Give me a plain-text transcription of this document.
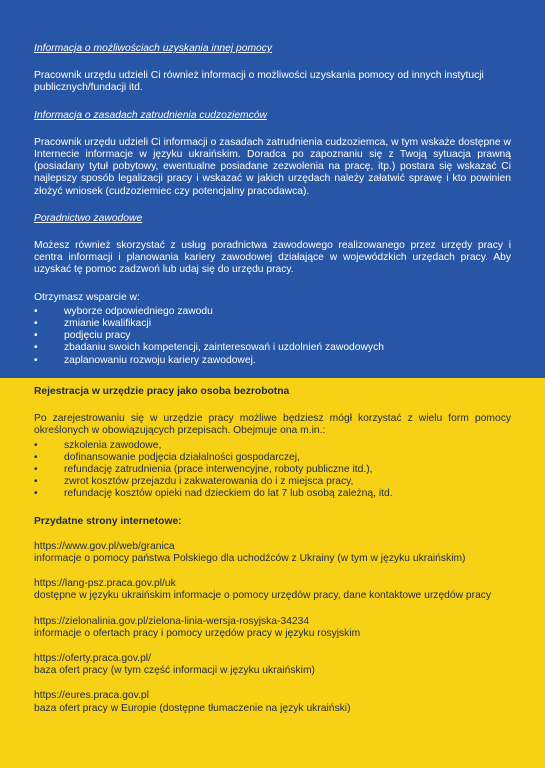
Informacja o możliwościach uzyskania innej pomocy

Pracownik urzędu udzieli Ci również informacji o możliwości uzyskania pomocy od innych instytucji publicznych/fundacji itd.

Informacja o zasadach zatrudnienia cudzoziemców

Pracownik urzędu udzieli Ci informacji o zasadach zatrudnienia cudzoziemca, w tym wskaże dostępne w Internecie informacje w języku ukraińskim. Doradca po zapoznaniu się z Twoją sytuacja prawną (posiadany tytuł pobytowy, ewentualne posiadane zezwolenia na pracę, itp.) postara się wskazać Ci najlepszy sposób legalizacji pracy i wskazać w jakich urzędach należy załatwić sprawę i kto powinien złożyć wniosek (cudzoziemiec czy potencjalny pracodawca).

Poradnictwo zawodowe

Możesz również skorzystać z usług poradnictwa zawodowego realizowanego przez urzędy pracy i centra informacji i planowania kariery zawodowej działające w wojewódzkich urzędach pracy. Aby uzyskać tę pomoc zadzwoń lub udaj się do urzędu pracy.

Otrzymasz wsparcie w:

•	wyborze odpowiedniego zawodu
•	zmianie kwalifikacji
•	podjęciu pracy
•	zbadaniu swoich kompetencji, zainteresowań i uzdolnień zawodowych
•	zaplanowaniu rozwoju kariery zawodowej.

Rejestracja w urzędzie pracy jako osoba bezrobotna

Po zarejestrowaniu się w urzędzie pracy możliwe będziesz mógł korzystać z wielu form pomocy określonych w obowiązujących przepisach. Obejmuje ona m.in.:

•	szkolenia zawodowe,
•	dofinansowanie podjęcia działalności gospodarczej,
•	refundację zatrudnienia (prace interwencyjne, roboty publiczne itd.),
•	zwrot kosztów przejazdu i zakwaterowania do i z miejsca pracy,
•	refundację kosztów opieki nad dzieckiem do lat 7 lub osobą zależną, itd.

Przydatne strony internetowe:

https://www.gov.pl/web/granica

informacje o pomocy państwa Polskiego dla uchodźców z Ukrainy (w tym w języku ukraińskim)

https://lang-psz.praca.gov.pl/uk

dostępne w języku ukraińskim informacje o pomocy urzędów pracy, dane kontaktowe urzędów pracy

https://zielonalinia.gov.pl/zielona-linia-wersja-rosyjska-34234

informacje o ofertach pracy i pomocy urzędów pracy w języku rosyjskim

https://oferty.praca.gov.pl/

baza ofert pracy (w tym część informacji w języku ukraińskim)

https://eures.praca.gov.pl

baza ofert pracy w Europie (dostępne tłumaczenie na język ukraiński)
